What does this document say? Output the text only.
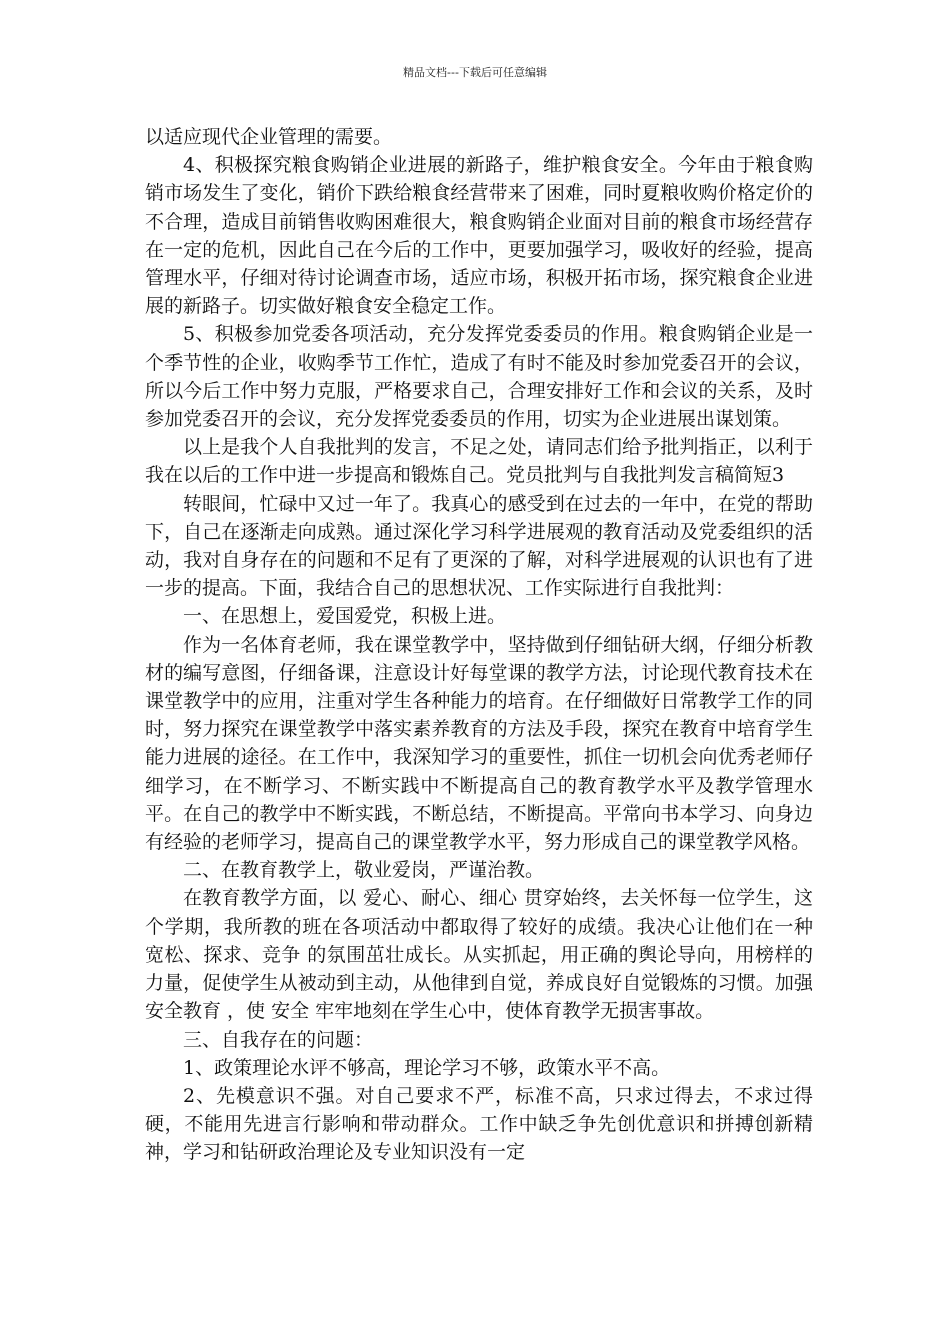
精品文档---下载后可任意编辑

以适应现代企业管理的需要。

4、积极探究粮食购销企业进展的新路子，维护粮食安全。今年由于粮食购销市场发生了变化，销价下跌给粮食经营带来了困难，同时夏粮收购价格定价的不合理，造成目前销售收购困难很大，粮食购销企业面对目前的粮食市场经营存在一定的危机，因此自己在今后的工作中，更要加强学习，吸收好的经验，提高管理水平，仔细对待讨论调查市场，适应市场，积极开拓市场，探究粮食企业进展的新路子。切实做好粮食安全稳定工作。

5、积极参加党委各项活动，充分发挥党委委员的作用。粮食购销企业是一个季节性的企业，收购季节工作忙，造成了有时不能及时参加党委召开的会议，所以今后工作中努力克服，严格要求自己，合理安排好工作和会议的关系，及时参加党委召开的会议，充分发挥党委委员的作用，切实为企业进展出谋划策。

以上是我个人自我批判的发言，不足之处，请同志们给予批判指正，以利于我在以后的工作中进一步提高和锻炼自己。党员批判与自我批判发言稿简短3

转眼间，忙碌中又过一年了。我真心的感受到在过去的一年中，在党的帮助下，自己在逐渐走向成熟。通过深化学习科学进展观的教育活动及党委组织的活动，我对自身存在的问题和不足有了更深的了解，对科学进展观的认识也有了进一步的提高。下面，我结合自己的思想状况、工作实际进行自我批判：

一、在思想上，爱国爱党，积极上进。

作为一名体育老师，我在课堂教学中，坚持做到仔细钻研大纲，仔细分析教材的编写意图，仔细备课，注意设计好每堂课的教学方法，讨论现代教育技术在课堂教学中的应用，注重对学生各种能力的培育。在仔细做好日常教学工作的同时，努力探究在课堂教学中落实素养教育的方法及手段，探究在教育中培育学生能力进展的途径。在工作中，我深知学习的重要性，抓住一切机会向优秀老师仔细学习，在不断学习、不断实践中不断提高自己的教育教学水平及教学管理水平。在自己的教学中不断实践，不断总结，不断提高。平常向书本学习、向身边有经验的老师学习，提高自己的课堂教学水平，努力形成自己的课堂教学风格。

二、在教育教学上，敬业爱岗，严谨治教。

在教育教学方面，以 爱心、耐心、细心 贯穿始终，去关怀每一位学生，这个学期，我所教的班在各项活动中都取得了较好的成绩。我决心让他们在一种 宽松、探求、竞争 的氛围茁壮成长。从实抓起，用正确的舆论导向，用榜样的力量，促使学生从被动到主动，从他律到自觉，养成良好自觉锻炼的习惯。加强 安全教育 ，使 安全 牢牢地刻在学生心中，使体育教学无损害事故。

三、自我存在的问题：

1、政策理论水评不够高，理论学习不够，政策水平不高。

2、先模意识不强。对自己要求不严，标准不高，只求过得去，不求过得硬，不能用先进言行影响和带动群众。工作中缺乏争先创优意识和拼搏创新精神，学习和钻研政治理论及专业知识没有一定
